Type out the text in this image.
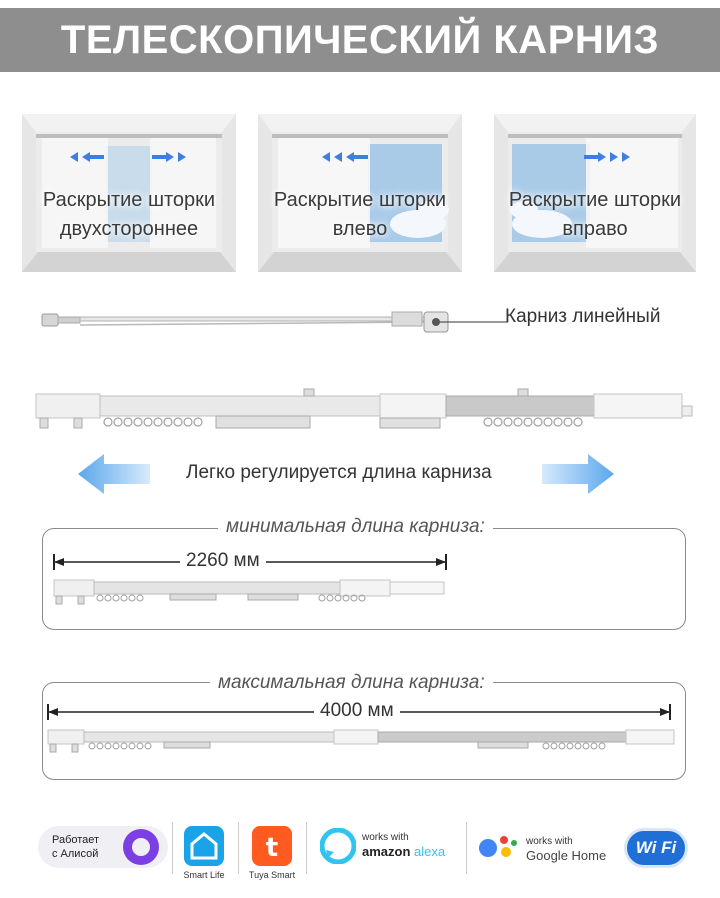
ТЕЛЕСКОПИЧЕСКИЙ КАРНИЗ
Раскрытие шторки
двухстороннее
Раскрытие шторки
влево
Раскрытие шторки
вправо
Карниз линейный
Легко регулируется длина карниза
минимальная длина карниза:
2260 мм
максимальная длина карниза:
4000 мм
Работает
с Алисой
Smart Life
t
Tuya Smart
works with
amazon alexa
works with
Google Home	Wi Fi
